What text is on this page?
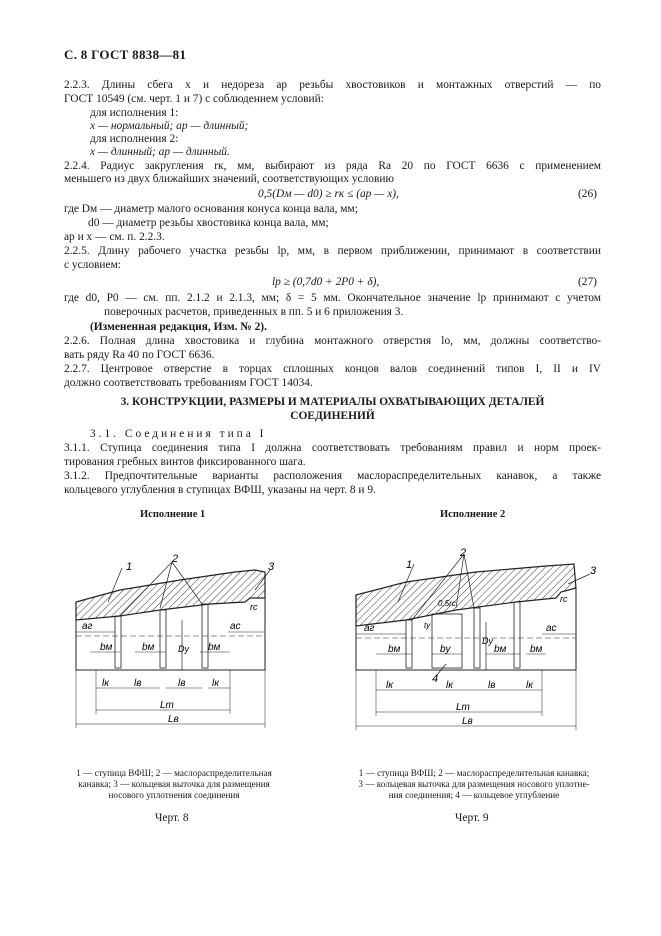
С. 8 ГОСТ 8838—81
2.2.3. Длины сбега x и недореза aр резьбы хвостовиков и монтажных отверстий — по
ГОСТ 10549 (см. черт. 1 и 7) с соблюдением условий:
для исполнения 1:
x — нормальный; aр — длинный;
для исполнения 2:
x — длинный; aр — длинный.
2.2.4. Радиус закругления rк, мм, выбирают из ряда Ra 20 по ГОСТ 6636 с применением
меньшего из двух ближайших значений, соответствующих условию
0,5(Dм — d0) ≥ rк ≤ (aр — x),	(26)
где Dм — диаметр малого основания конуса конца вала, мм;
d0 — диаметр резьбы хвостовика конца вала, мм;
aр и x — см. п. 2.2.3.
2.2.5. Длину рабочего участка резьбы lр, мм, в первом приближении, принимают в соответствии
с условием:
lр ≥ (0,7d0 + 2P0 + δ),	(27)
где d0, P0 — см. пп. 2.1.2 и 2.1.3, мм; δ = 5 мм. Окончательное значение lр принимают с учетом
поверочных расчетов, приведенных в пп. 5 и 6 приложения 3.
(Измененная редакция, Изм. № 2).
2.2.6. Полная длина хвостовика и глубина монтажного отверстия lо, мм, должны соответство-
вать ряду Ra 40 по ГОСТ 6636.
2.2.7. Центровое отверстие в торцах сплошных концов валов соединений типов I, II и IV
должно соответствовать требованиям ГОСТ 14034.
3. КОНСТРУКЦИИ, РАЗМЕРЫ И МАТЕРИАЛЫ ОХВАТЫВАЮЩИХ ДЕТАЛЕЙ
СОЕДИНЕНИЙ
3.1. Соединения типа I
3.1.1. Ступица соединения типа I должна соответствовать требованиям правил и норм проек-
тирования гребных винтов фиксированного шага.
3.1.2. Предпочтительные варианты расположения маслораспределительных канавок, а также
кольцевого углубления в ступицах ВФШ, указаны на черт. 8 и 9.
Исполнение 1	Исполнение 2
1
2
3
aг
rc
aс
bм	bм	Dу bм
lк	lв	lв	lк
Lт
Lв
1
2
3
4
aг
rc
aс
bм	bу	bм bм
tу
0,5rc
Dу
lк	lк	lв	lк
Lт
Lв
1 — ступица ВФШ; 2 — маслораспределительная
канавка; 3 — кольцевая выточка для размещения
носового уплотнения соединения
Черт. 8
1 — ступица ВФШ; 2 — маслораспределительная канавка;
3 — кольцевая выточка для размещения носового уплотне-
ния соединения; 4 — кольцевое углубление
Черт. 9
